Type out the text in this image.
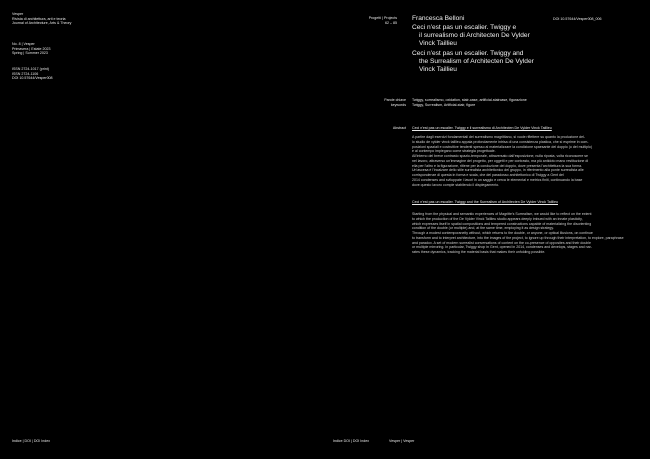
Vesper
Rivista di architettura, arti e teoria
Journal of Architecture, Arts & Theory
No. 8 | Vesper
Primavera | Estate 2023
Spring | Summer 2023
ISSN 2724-1017 (print)
ISSN 2724-1106
DOI 10.57644/Vesper008
Indice | DOI | DOI Index	Indice DOI | DOI Index
Progetti | Projects
62 – 85
Francesca Belloni	DOI 10.57644/Vesper008_006
Ceci n'est pas un escalier. Twiggy e
il surrealismo di Architecten De Vylder
Vinck Taillieu
Ceci n'est pas un escalier. Twiggy and
the Surrealism of Architecten De Vylder
Vinck Taillieu
Parole chiave
keywords
Twiggy, surrealismo, oxidation, stair-case, artificial-staircase, figurazione
Twiggy, Surrealism, Artificial-stair, figure
Abstract Ceci n'est pas un escalier. Twiggy e il surrealismo di Architecten De Vylder Vinck Taillieu
A partire dagli esercizi fondamentali del surrealismo magrittiano, si vuole riflettere su quanto la produzione del-
lo studio de vylder vinck taillieu appaia profondamente intrisa di una consistenza plastica, che si esprime in com-
posizioni spaziali e costruttive tendenti spesso al materializzare la condizione spaesante del doppio (o del multiplo)
e al contempo impiegano come strategia progettuale.
All'interno del breve contrasto spazio-temporale, attraversato dall'esposizione, nulla riposta, volta riconoscere se
nel lavoro, attraverso un'immagine del progetto, per oggetti e per contrasto, ma più antidoto mano restituzione di
ella per l'altro e la figurazione, ritiene per la conduzione del doppio, dove presenta l'architettura la sua forma.
Un'ascesa è l'incalzare dello stile surrealista architettonico del gruppo, in riferimento alla ponte surrealista alle
corrispondenze di questa in forma e scala, che del paradosso architettonico di Twiggy a Gent del
2014 condenses and sviluppate i lavori in un saggio e cerca le elemental e metrics finiti, continuando la base
dove questo lavoro compie stabilendo il dispiegamento.
Ceci n'est pas un escalier. Twiggy and the Surrealism of Architecten De Vylder Vinck Taillieu
Starting from the physical and semantic experiences of Magritte's Surrealism, we would like to reflect on the extent
to which the production of the De Vylder Vinck Taillieu studio appears deeply imbued with an innate plasticity,
which expresses itself in spatial compositions and tempered constructions capable of materializing the disorienting
condition of the double (or multiple) and, at the same time, employing it as design strategy.
Through a modest contemporaneity without, which returns to the double, or anyone, or optical illusions, on continue
to transform and to interpret architecture, into the images of the project, to ignore up through their interpretation, to explore, paraphrase
and paradox. A set of modern surrealist conversations of content on the co-presence of opposites and their double
or multiple mirroring. In particular, Twiggy shop in Gent, opened in 2014, condenses and develops, stages and nar-
rates these dynamics, tracking the material basis that makes their unfolding possible.
Vesper | Vesper
